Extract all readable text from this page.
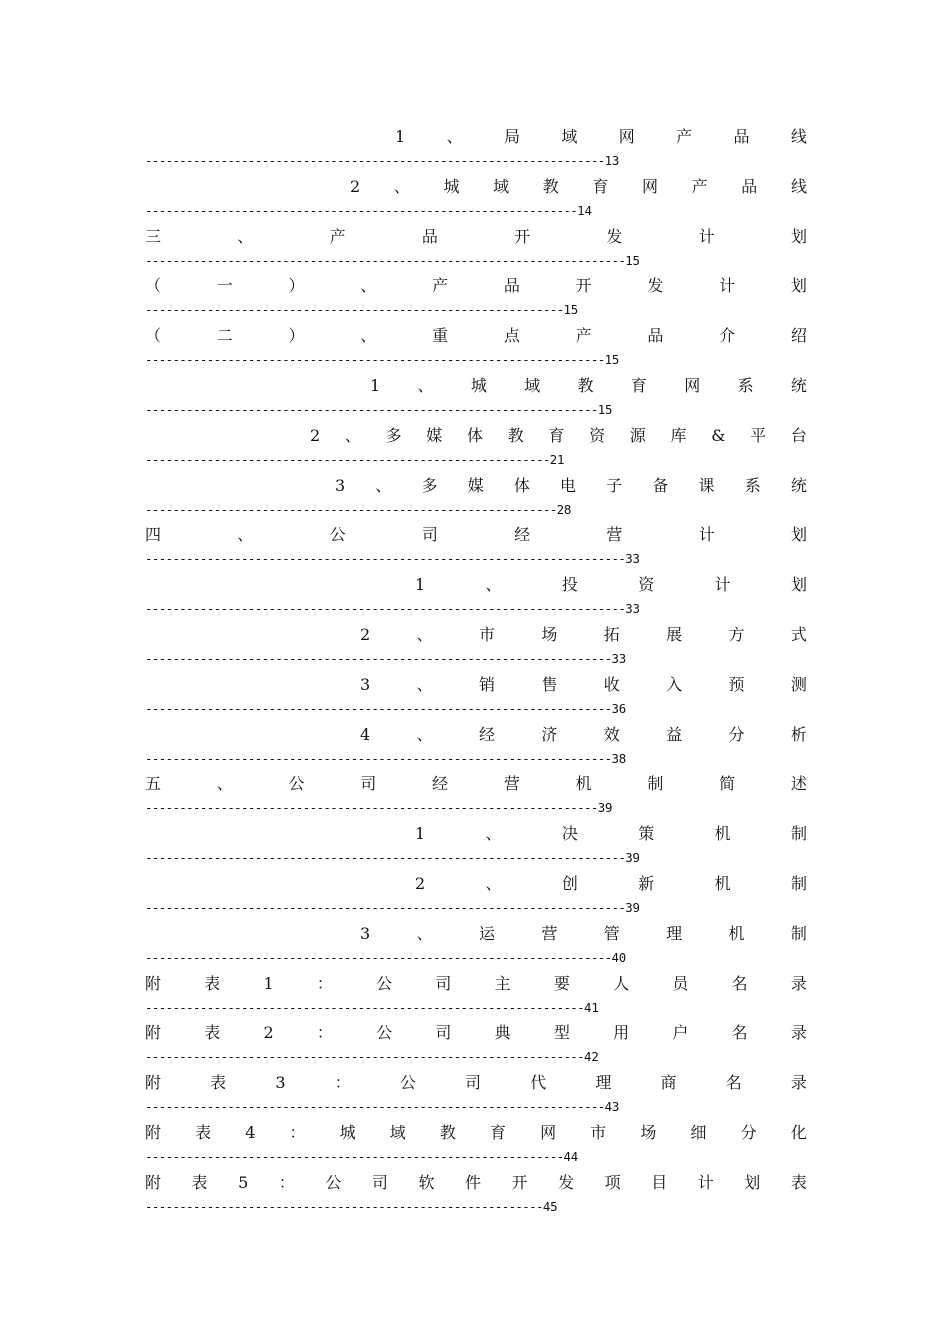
1	、	局	域	网	产	品	线
-------------------------------------------------------------------13
2 、 城 域 教 育 网 产 品 线
---------------------------------------------------------------14
三	、	产	品	开	发	计	划
----------------------------------------------------------------------15
（	一	）	、	产	品	开	发	计	划
-------------------------------------------------------------15
（	二	）	、	重	点	产	品	介	绍
-------------------------------------------------------------------15
1 、 城 域 教 育 网 系 统
------------------------------------------------------------------15
2 、 多 媒 体 教 育 资 源 库 & 平 台
-----------------------------------------------------------21
3 、 多 媒 体 电 子 备 课 系 统
------------------------------------------------------------28
四	、	公	司	经	营	计	划
----------------------------------------------------------------------33
1	、	投	资	计	划
----------------------------------------------------------------------33
2	、	市	场	拓	展	方	式
--------------------------------------------------------------------33
3	、	销	售	收	入	预	测
--------------------------------------------------------------------36
4	、	经	济	效	益	分	析
--------------------------------------------------------------------38
五	、	公	司	经	营	机	制	简	述
------------------------------------------------------------------39
1	、	决	策	机	制
----------------------------------------------------------------------39
2	、	创	新	机	制
----------------------------------------------------------------------39
3	、	运	营	管	理	机	制
--------------------------------------------------------------------40
附	表	1	：	公	司	主	要	人	员	名	录
----------------------------------------------------------------41
附	表	2	：	公	司	典	型	用	户	名	录
----------------------------------------------------------------42
附	表	3	：	公	司	代	理	商	名	录
-------------------------------------------------------------------43
附 表 4 ： 城 域 教 育 网 市 场 细 分 化
-------------------------------------------------------------44
附 表 5 ： 公 司 软 件 开 发 项 目 计 划 表
----------------------------------------------------------45
